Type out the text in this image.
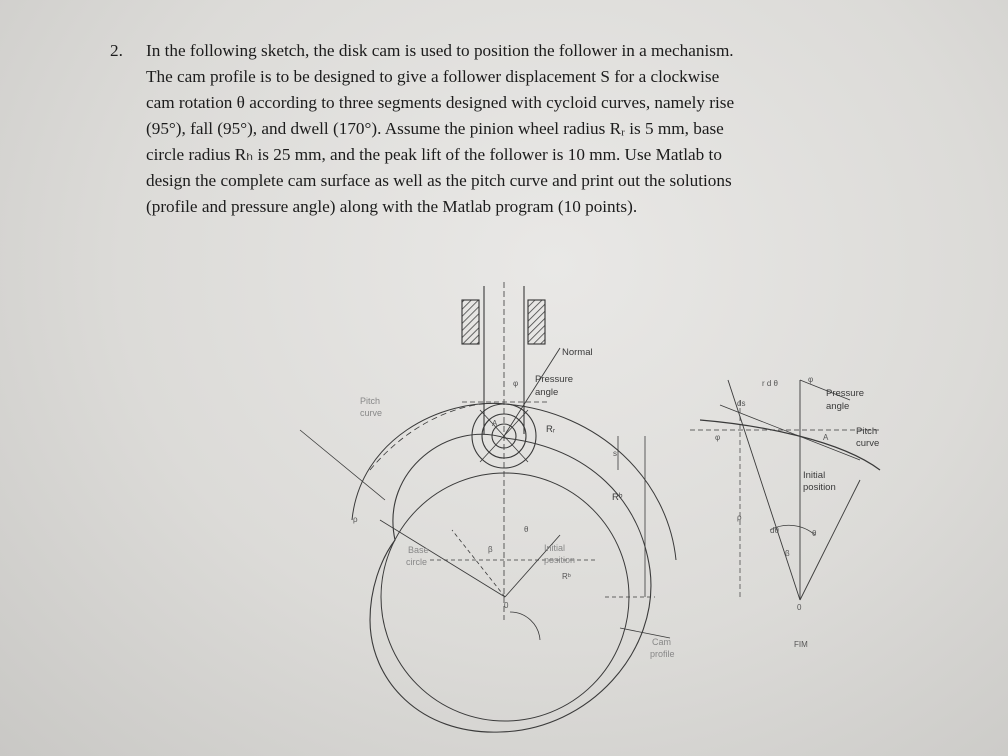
2. In the following sketch, the disk cam is used to position the follower in a mechanism.
The cam profile is to be designed to give a follower displacement S for a clockwise
cam rotation θ according to three segments designed with cycloid curves, namely rise
(95°), fall (95°), and dwell (170°). Assume the pinion wheel radius Rᵣ is 5 mm, base
circle radius Rₕ is 25 mm, and the peak lift of the follower is 10 mm. Use Matlab to
design the complete cam surface as well as the pitch curve and print out the solutions
(profile and pressure angle) along with the Matlab program (10 points).
Normal
Pressure
angle
Pitch
curve
Rᵣ
s
A
Rᵇ
Base
circle
Initial
position
Rᵇ
Cam
profile
φ
θ
β
0
ρ
r d θ	φ
ds
Pressure
angle
φ	A
Pitch
curve
Initial
position
dθ	θ
β
0
ρ
FIM
